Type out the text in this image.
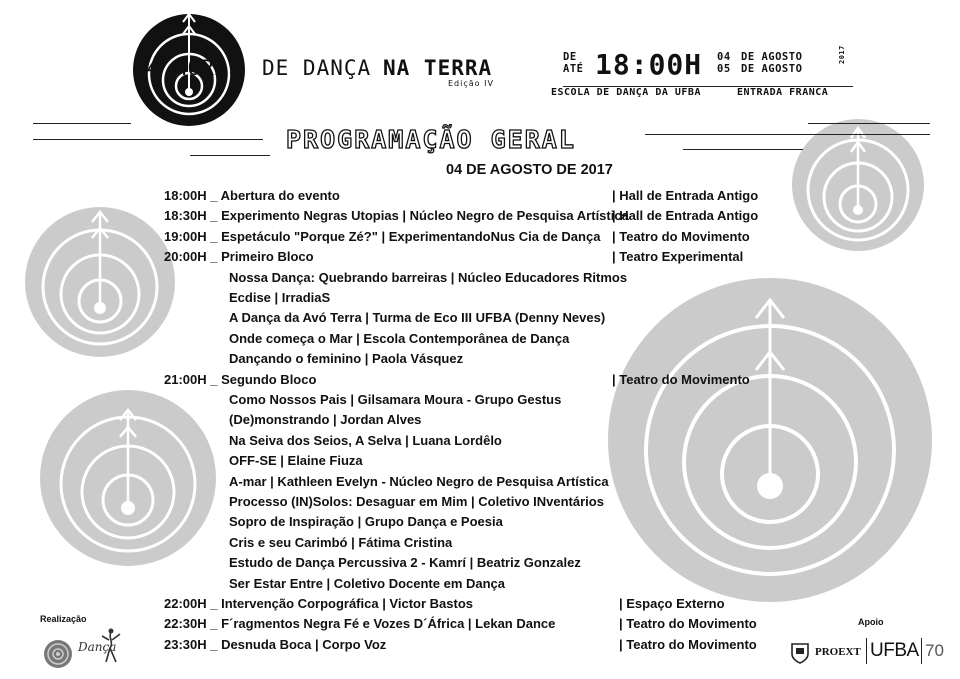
24 HORAS DE DANÇA NA TERRA
Edição IV
DE
ATÉ 18:00H 04
05
DE AGOSTO
DE AGOSTO
2017
ESCOLA DE DANÇA DA UFBA	ENTRADA FRANCA
PROGRAMAÇÃO GERAL
04 DE AGOSTO DE 2017
18:00H _ Abertura do evento	| Hall de Entrada Antigo
18:30H _ Experimento Negras Utopias | Núcleo Negro de Pesquisa Artística
| Hall de Entrada Antigo
19:00H _ Espetáculo "Porque Zé?" | ExperimentandoNus Cia de Dança | Teatro do Movimento
20:00H _ Primeiro Bloco	| Teatro Experimental
Nossa Dança: Quebrando barreiras | Núcleo Educadores Ritmos
Ecdise | IrradiaS
A Dança da Avó Terra | Turma de Eco III UFBA (Denny Neves)
Onde começa o Mar | Escola Contemporânea de Dança
Dançando o feminino | Paola Vásquez
21:00H _ Segundo Bloco	| Teatro do Movimento
Como Nossos Pais | Gilsamara Moura - Grupo Gestus
(De)monstrando | Jordan Alves
Na Seiva dos Seios, A Selva | Luana Lordêlo
OFF-SE | Elaine Fiuza
A-mar | Kathleen Evelyn - Núcleo Negro de Pesquisa Artística
Processo (IN)Solos: Desaguar em Mim | Coletivo INventários
Sopro de Inspiração | Grupo Dança e Poesia
Cris e seu Carimbó | Fátima Cristina
Estudo de Dança Percussiva 2 - Kamrí | Beatriz Gonzalez
Ser Estar Entre | Coletivo Docente em Dança
22:00H _ Intervenção Corpográfica | Victor Bastos	| Espaço Externo
22:30H _ F´ragmentos Negra Fé e Vozes D´África | Lekan Dance	| Teatro do Movimento
23:30H _ Desnuda Boca | Corpo Voz	| Teatro do Movimento
Realização
Dança
Apoio
PROEXT UFBA 70
